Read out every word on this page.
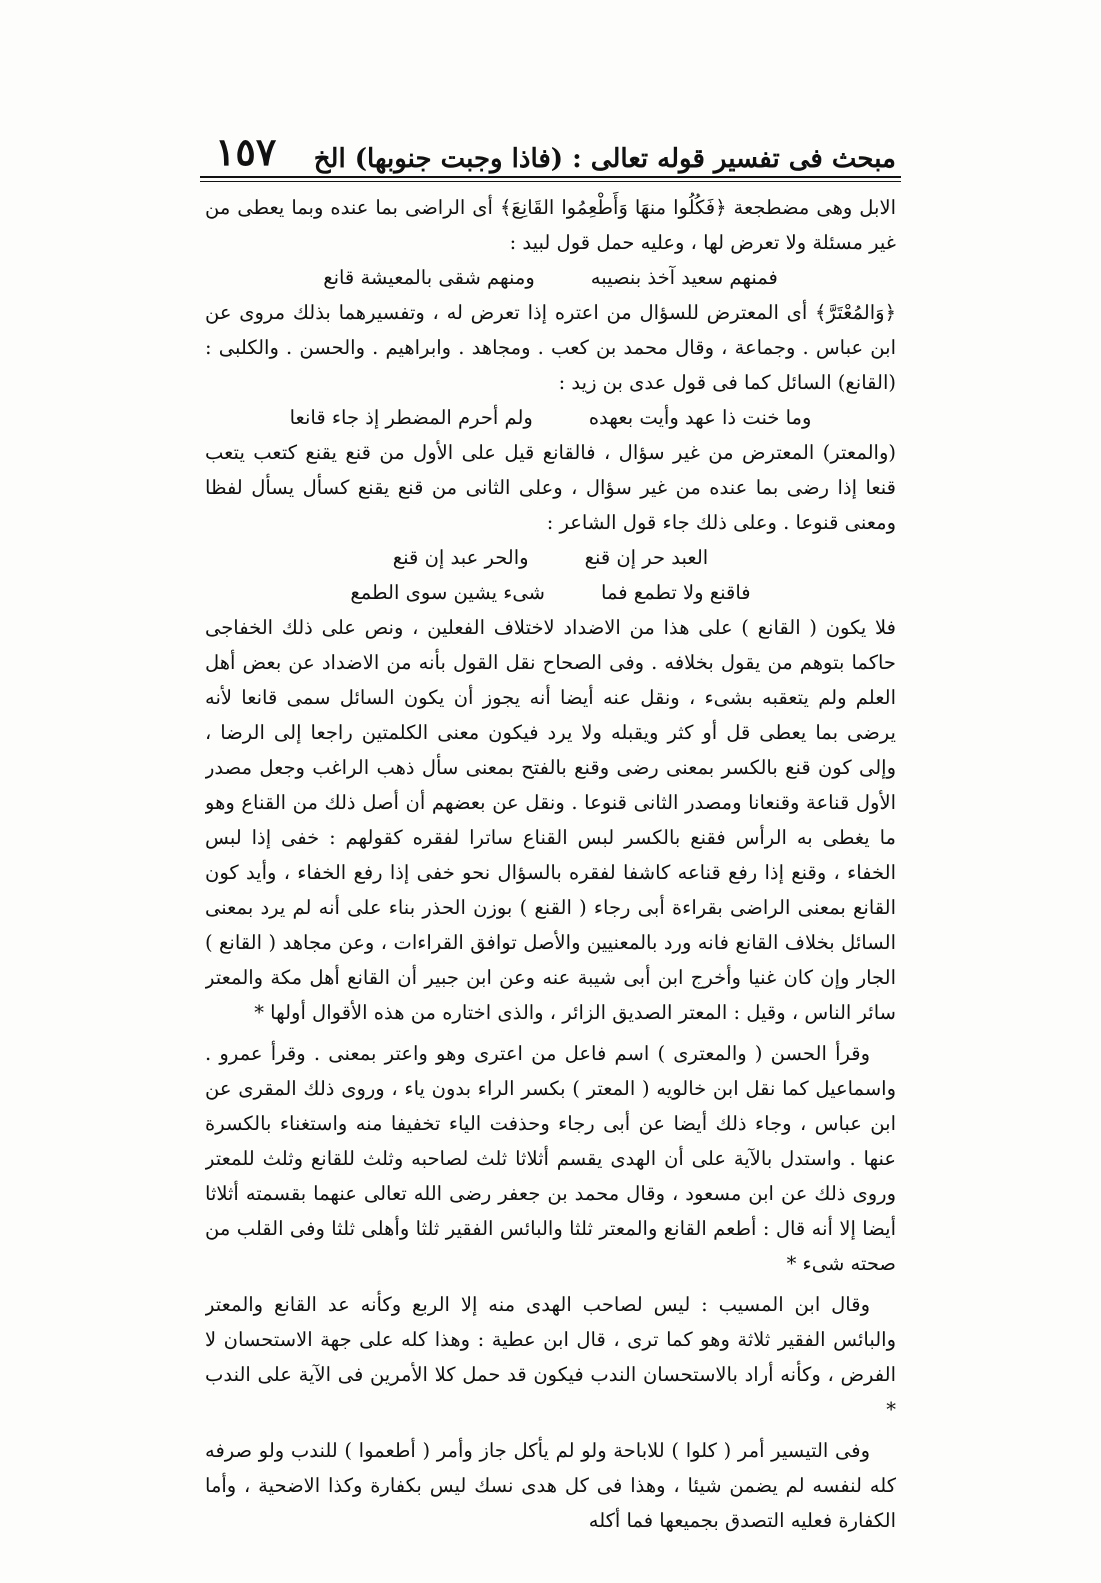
مبحث فى تفسير قوله تعالى : (فاذا وجبت جنوبها) الخ
١٥٧

الابل وهى مضطجعة ﴿فَكُلُوا منهَا وَأَطْعِمُوا القَانِعَ﴾ أى الراضى بما عنده وبما يعطى من غير مسئلة ولا تعرض لها ، وعليه حمل قول لبيد :

فمنهم سعيد آخذ بنصيبهومنهم شقى بالمعيشة قانع

﴿وَالمُعْتَرَّ﴾ أى المعترض للسؤال من اعتره إذا تعرض له ، وتفسيرهما بذلك مروى عن ابن عباس . وجماعة ، وقال محمد بن كعب . ومجاهد . وابراهيم . والحسن . والكلبى : (القانع) السائل كما فى قول عدى بن زيد :

وما خنت ذا عهد وأيت بعهدهولم أحرم المضطر إذ جاء قانعا

(والمعتر) المعترض من غير سؤال ، فالقانع قيل على الأول من قنع يقنع كتعب يتعب قنعا إذا رضى بما عنده من غير سؤال ، وعلى الثانى من قنع يقنع كسأل يسأل لفظا ومعنى قنوعا . وعلى ذلك جاء قول الشاعر :

العبد حر إن قنعوالحر عبد إن قنع

فاقنع ولا تطمع فماشىء يشين سوى الطمع

فلا يكون ( القانع ) على هذا من الاضداد لاختلاف الفعلين ، ونص على ذلك الخفاجى حاكما بتوهم من يقول بخلافه . وفى الصحاح نقل القول بأنه من الاضداد عن بعض أهل العلم ولم يتعقبه بشىء ، ونقل عنه أيضا أنه يجوز أن يكون السائل سمى قانعا لأنه يرضى بما يعطى قل أو كثر ويقبله ولا يرد فيكون معنى الكلمتين راجعا إلى الرضا ، وإلى كون قنع بالكسر بمعنى رضى وقنع بالفتح بمعنى سأل ذهب الراغب وجعل مصدر الأول قناعة وقنعانا ومصدر الثانى قنوعا . ونقل عن بعضهم أن أصل ذلك من القناع وهو ما يغطى به الرأس فقنع بالكسر لبس القناع ساترا لفقره كقولهم : خفى إذا لبس الخفاء ، وقنع إذا رفع قناعه كاشفا لفقره بالسؤال نحو خفى إذا رفع الخفاء ، وأيد كون القانع بمعنى الراضى بقراءة أبى رجاء ( القنع ) بوزن الحذر بناء على أنه لم يرد بمعنى السائل بخلاف القانع فانه ورد بالمعنيين والأصل توافق القراءات ، وعن مجاهد ( القانع ) الجار وإن كان غنيا وأخرج ابن أبى شيبة عنه وعن ابن جبير أن القانع أهل مكة والمعتر سائر الناس ، وقيل : المعتر الصديق الزائر ، والذى اختاره من هذه الأقوال أولها *

وقرأ الحسن ( والمعترى ) اسم فاعل من اعترى وهو واعتر بمعنى . وقرأ عمرو . واسماعيل كما نقل ابن خالويه ( المعتر ) بكسر الراء بدون ياء ، وروى ذلك المقرى عن ابن عباس ، وجاء ذلك أيضا عن أبى رجاء وحذفت الياء تخفيفا منه واستغناء بالكسرة عنها . واستدل بالآية على أن الهدى يقسم أثلاثا ثلث لصاحبه وثلث للقانع وثلث للمعتر وروى ذلك عن ابن مسعود ، وقال محمد بن جعفر رضى الله تعالى عنهما بقسمته أثلاثا أيضا إلا أنه قال : أطعم القانع والمعتر ثلثا والبائس الفقير ثلثا وأهلى ثلثا وفى القلب من صحته شىء *

وقال ابن المسيب : ليس لصاحب الهدى منه إلا الربع وكأنه عد القانع والمعتر والبائس الفقير ثلاثة وهو كما ترى ، قال ابن عطية : وهذا كله على جهة الاستحسان لا الفرض ، وكأنه أراد بالاستحسان الندب فيكون قد حمل كلا الأمرين فى الآية على الندب *

وفى التيسير أمر ( كلوا ) للاباحة ولو لم يأكل جاز وأمر ( أطعموا ) للندب ولو صرفه كله لنفسه لم يضمن شيئا ، وهذا فى كل هدى نسك ليس بكفارة وكذا الاضحية ، وأما الكفارة فعليه التصدق بجميعها فما أكله
